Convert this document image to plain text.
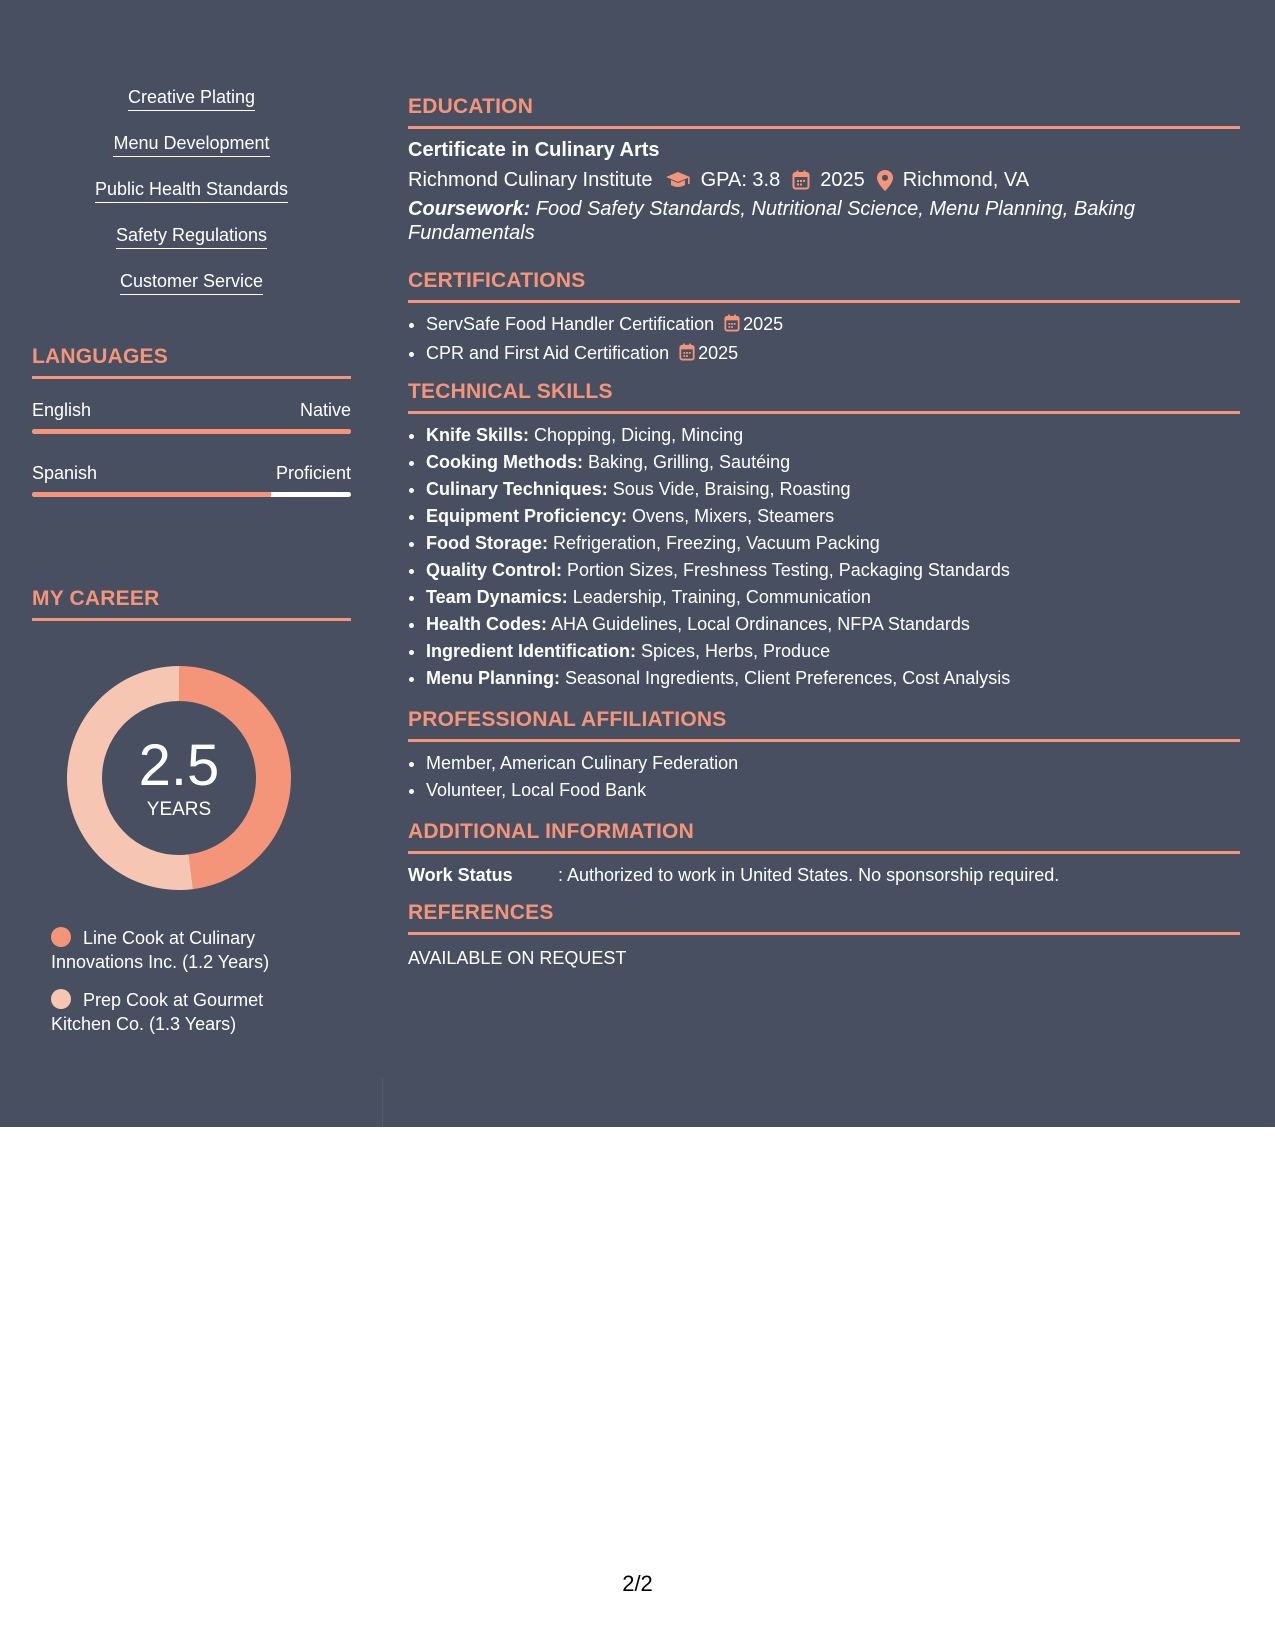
Creative Plating
Menu Development
Public Health Standards
Safety Regulations
Customer Service
LANGUAGES
English	Native
Spanish	Proficient
MY CAREER
2.5
YEARS
Line Cook at Culinary Innovations Inc. (1.2 Years)
Prep Cook at Gourmet Kitchen Co. (1.3 Years)
EDUCATION
Certificate in Culinary Arts
Richmond Culinary Institute GPA: 3.8 2025 Richmond, VA
Coursework: Food Safety Standards, Nutritional Science, Menu Planning, Baking Fundamentals
CERTIFICATIONS
• ServSafe Food Handler Certification 2025
• CPR and First Aid Certification 2025
TECHNICAL SKILLS
• Knife Skills: Chopping, Dicing, Mincing
• Cooking Methods: Baking, Grilling, Sautéing
• Culinary Techniques: Sous Vide, Braising, Roasting
• Equipment Proficiency: Ovens, Mixers, Steamers
• Food Storage: Refrigeration, Freezing, Vacuum Packing
• Quality Control: Portion Sizes, Freshness Testing, Packaging Standards
• Team Dynamics: Leadership, Training, Communication
• Health Codes: AHA Guidelines, Local Ordinances, NFPA Standards
• Ingredient Identification: Spices, Herbs, Produce
• Menu Planning: Seasonal Ingredients, Client Preferences, Cost Analysis
PROFESSIONAL AFFILIATIONS
• Member, American Culinary Federation
• Volunteer, Local Food Bank
ADDITIONAL INFORMATION
Work Status	: Authorized to work in United States. No sponsorship required.
REFERENCES
AVAILABLE ON REQUEST
2/2
